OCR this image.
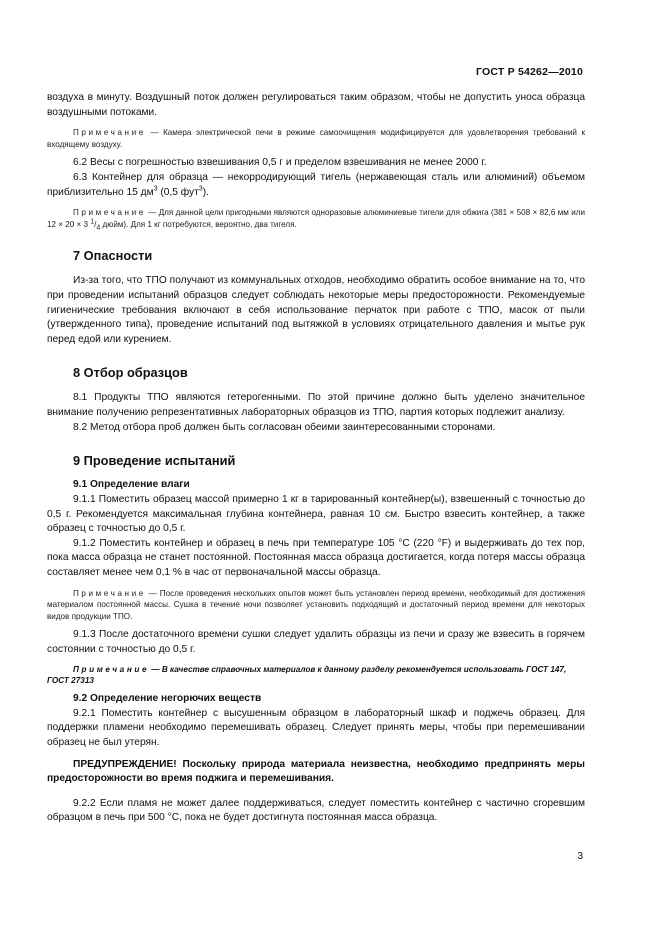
ГОСТ Р 54262—2010

воздуха в минуту. Воздушный поток должен регулироваться таким образом, чтобы не допустить уноса образца воздушными потоками.

Примечание — Камера электрической печи в режиме самоочищения модифицируется для удовлетворения требований к входящему воздуху.

6.2 Весы с погрешностью взвешивания 0,5 г и пределом взвешивания не менее 2000 г.

6.3 Контейнер для образца — некорродирующий тигель (нержавеющая сталь или алюминий) объемом приблизительно 15 $дм^3$ (0,5 фут$^3$).

Примечание — Для данной цели пригодными являются одноразовые алюминиевые тигели для обжига (381 × 508 × 82,6 мм или 12 × 20 × 3 $^1/_4$ дюйм). Для 1 кг потребуются, вероятно, два тигеля.
7 Опасности

Из-за того, что ТПО получают из коммунальных отходов, необходимо обратить особое внимание на то, что при проведении испытаний образцов следует соблюдать некоторые меры предосторожности. Рекомендуемые гигиенические требования включают в себя использование перчаток при работе с ТПО, масок от пыли (утвержденного типа), проведение испытаний под вытяжкой в условиях отрицательного давления и мытье рук перед едой или курением.

8 Отбор образцов

8.1 Продукты ТПО являются гетерогенными. По этой причине должно быть уделено значительное внимание получению репрезентативных лабораторных образцов из ТПО, партия которых подлежит анализу.

8.2 Метод отбора проб должен быть согласован обеими заинтересованными сторонами.

9 Проведение испытаний
9.1 Определение влаги

9.1.1 Поместить образец массой примерно 1 кг в тарированный контейнер(ы), взвешенный с точностью до 0,5 г. Рекомендуется максимальная глубина контейнера, равная 10 см. Быстро взвесить контейнер, а также образец с точностью до 0,5 г.

9.1.2 Поместить контейнер и образец в печь при температуре 105 °C (220 °F) и выдерживать до тех пор, пока масса образца не станет постоянной. Постоянная масса образца достигается, когда потеря массы образца составляет менее чем 0,1 % в час от первоначальной массы образца.

Примечание — После проведения нескольких опытов может быть установлен период времени, необходимый для достижения материалом постоянной массы. Сушка в течение ночи позволяет установить подходящий и достаточный период времени для некоторых видов продукции ТПО.

9.1.3 После достаточного времени сушки следует удалить образцы из печи и сразу же взвесить в горячем состоянии с точностью до 0,5 г.

Примечание — В качестве справочных материалов к данному разделу рекомендуется использовать ГОСТ 147, ГОСТ 27313
9.2 Определение негорючих веществ

9.2.1 Поместить контейнер с высушенным образцом в лабораторный шкаф и поджечь образец. Для поддержки пламени необходимо перемешивать образец. Следует принять меры, чтобы при перемешивании образец не был утерян.

ПРЕДУПРЕЖДЕНИЕ! Поскольку природа материала неизвестна, необходимо предпринять меры предосторожности во время поджига и перемешивания.

9.2.2 Если пламя не может далее поддерживаться, следует поместить контейнер с частично сгоревшим образцом в печь при 500 °C, пока не будет достигнута постоянная масса образца.

3
